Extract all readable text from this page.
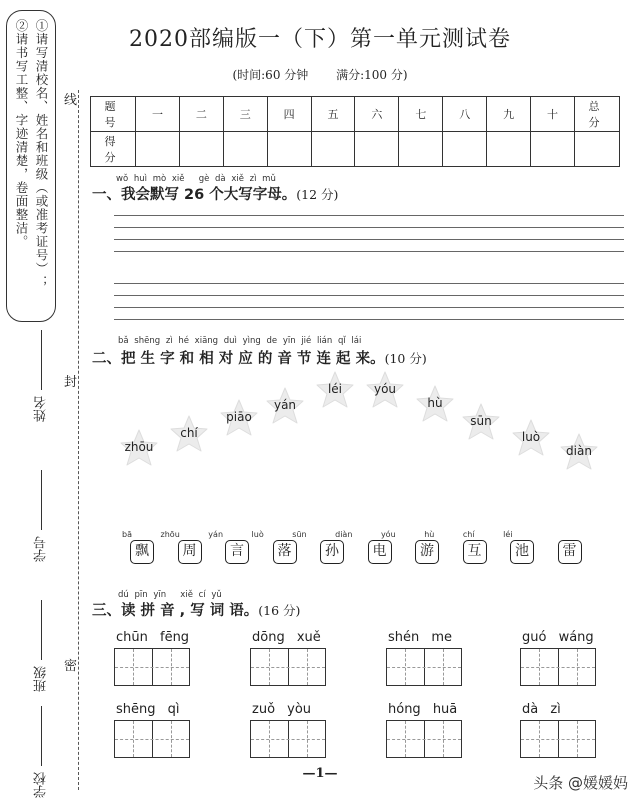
①请写清校名、姓名和班级（或准考证号）；
②请书写工整、字迹清楚，卷面整洁。	线
封
密
姓名
学号
班级
学校
2020部编版一（下）第一单元测试卷
(时间:60 分钟 满分:100 分)
题 号	一	二	三	四	五	六	七	八	九	十	总 分
得 分											
wǒ huì mò xiě　 gè dà xiě zì mǔ
一、我会默写 26 个大写字母。(12 分)
bǎ shēng zì hé xiāng duì yìng de yīn jié lián qǐ lái
二、把 生 字 和 相 对 应 的 音 节 连 起 来。(10 分)
zhōu
chí
piāo
yán
léi	yóu
hù
sūn
luò
diàn
bā zhōu yán luò sūn diàn yóu hù chí léi
飘	周	言	落	孙	电	游	互	池	雷
dú pīn yīn　 xiě cí yǔ
三、读 拼 音 , 写 词 语。(16 分)
chūn fēng	dōng xuě	shén me	guó wáng
shēng qì	zuǒ yòu	hóng huā	dà zì
—1—
头条 @媛媛妈
